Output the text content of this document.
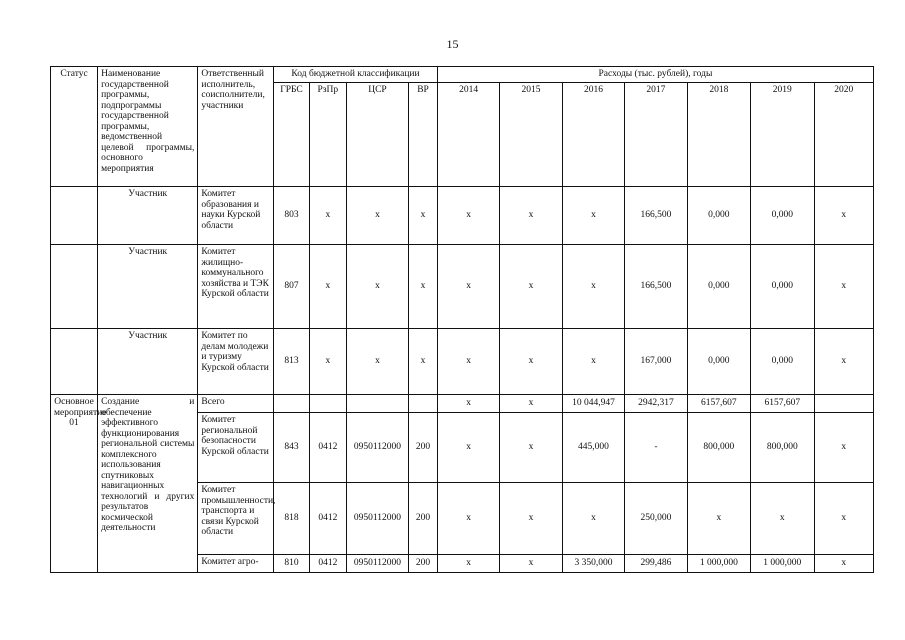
15
Статус	Наименование государственной программы, подпрограммы государственной программы, ведомственной целевой программы, основного мероприятия	Ответственный исполнитель, соисполнители, участники	Код бюджетной классификации				Расходы (тыс. рублей), годы						
			ГРБС	РзПр	ЦСР	ВР	2014	2015	2016	2017	2018	2019	2020
	Участник	Комитет образования и науки Курской области	803	х	х	х	х	х	х	166,500	0,000	0,000	х
	Участник	Комитет жилищно-коммунального хозяйства и ТЭК Курской области	807	х	х	х	х	х	х	166,500	0,000	0,000	х
	Участник	Комитет по делам молодежи и туризму Курской области	813	х	х	х	х	х	х	167,000	0,000	0,000	х
Основное мероприятие 01	Создание и обеспечение эффективного функционирования региональной системы комплексного использования спутниковых навигационных технологий и других результатов космической деятельности	Всего					х	х	10 044,947	2942,317	6157,607	6157,607	
		Комитет региональной безопасности Курской области	843	0412	0950112000	200	х	х	445,000	-	800,000	800,000	х
		Комитет промышленности, транспорта и связи Курской области	818	0412	0950112000	200	х	х	х	250,000	х	х	х
		Комитет агро-	810	0412	0950112000	200	х	х	3 350,000	299,486	1 000,000	1 000,000	х
